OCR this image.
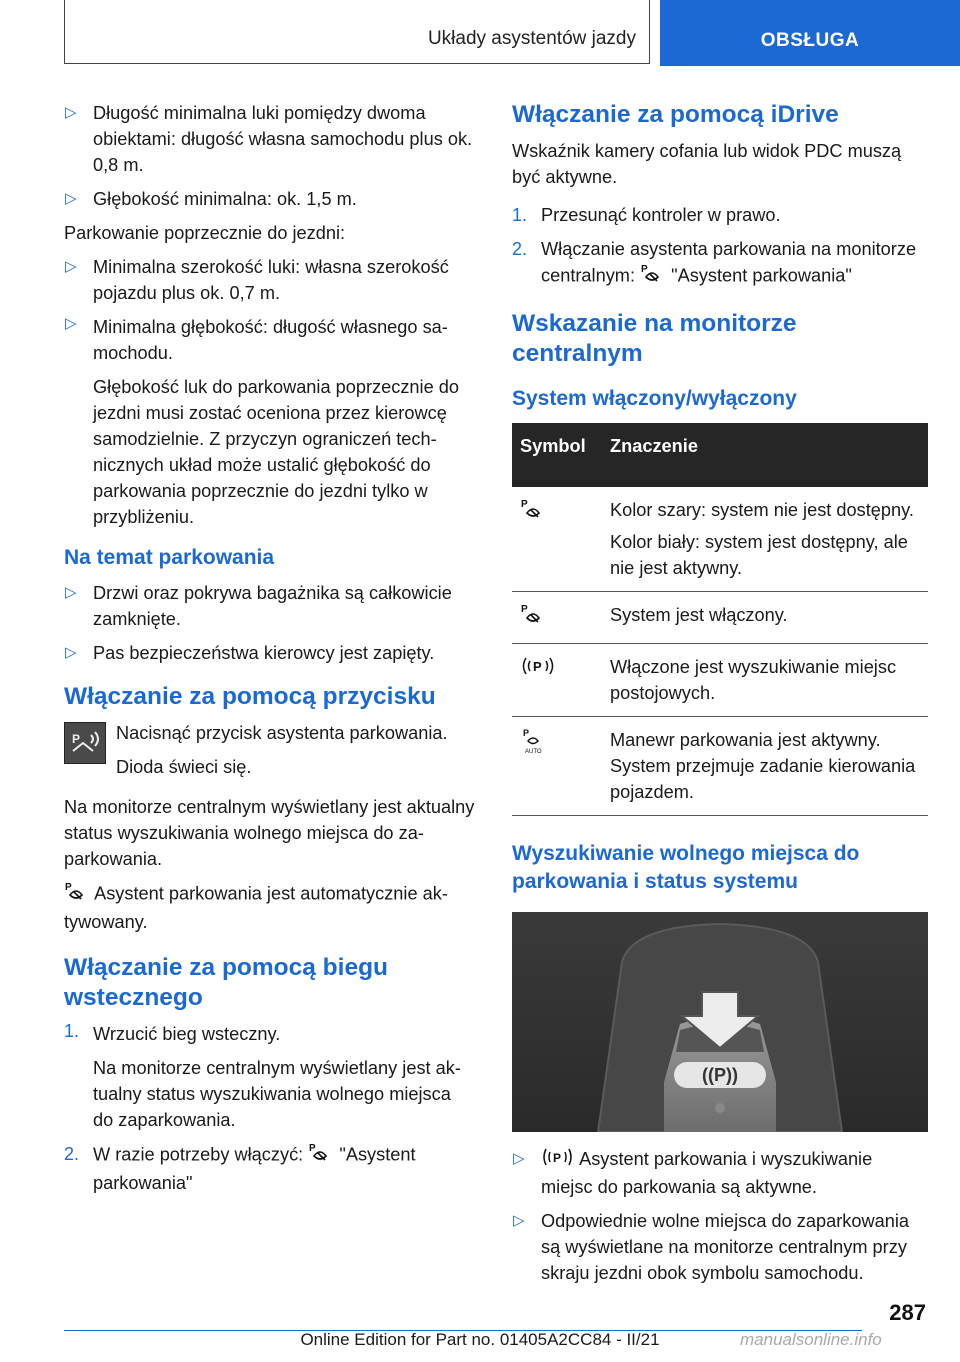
Układy asystentów jazdy	OBSŁUGA

▷ Długość minimalna luki pomiędzy dwoma obiektami: długość własna samochodu plus ok. 0,8 m.

▷ Głębokość minimalna: ok. 1,5 m.

Parkowanie poprzecznie do jezdni:

▷ Minimalna szerokość luki: własna szerokość pojazdu plus ok. 0,7 m.

▷ Minimalna głębokość: długość własnego samochodu.

Głębokość luk do parkowania poprzecznie do jezdni musi zostać oceniona przez kierowcę samodzielnie. Z przyczyn ograniczeń technicznych układ może ustalić głębokość do parkowania poprzecznie do jezdni tylko w przybliżeniu.

Na temat parkowania

▷ Drzwi oraz pokrywa bagażnika są całkowicie zamknięte.

▷ Pas bezpieczeństwa kierowcy jest zapięty.

Włączanie za pomocą przycisku
P Nacisnąć przycisk asystenta parkowania.

Dioda świeci się.

Na monitorze centralnym wyświetlany jest aktualny status wyszukiwania wolnego miejsca do zaparkowania.

P Asystent parkowania jest automatycznie aktywowany.

Włączanie za pomocą biegu wstecznego
1. Wrzucić bieg wsteczny.

Na monitorze centralnym wyświetlany jest aktualny status wyszukiwania wolnego miejsca do zaparkowania.

2. W razie potrzeby włączyć: P "Asystent parkowania"

Włączanie za pomocą iDrive

Wskaźnik kamery cofania lub widok PDC muszą być aktywne.

1. Przesunąć kontroler w prawo.

2. Włączanie asystenta parkowania na monitorze centralnym: P "Asystent parkowania"

Wskazanie na monitorze centralnym
System włączony/wyłączony
Symbol	Znaczenie

P	Kolor szary: system nie jest dostępny.

Kolor biały: system jest dostępny, ale nie jest aktywny.

P	System jest włączony.

P	Włączone jest wyszukiwanie miejsc postojowych.

P
AUTO	Manewr parkowania jest aktywny. System przejmuje zadanie kierowania pojazdem.

Wyszukiwanie wolnego miejsca do parkowania i status systemu
((P))

▷ P Asystent parkowania i wyszukiwanie miejsc do parkowania są aktywne.

▷ Odpowiednie wolne miejsca do zaparkowania są wyświetlane na monitorze centralnym przy skraju jezdni obok symbolu samochodu.

287
Online Edition for Part no. 01405A2CC84 - II/21	manualsonline.info
